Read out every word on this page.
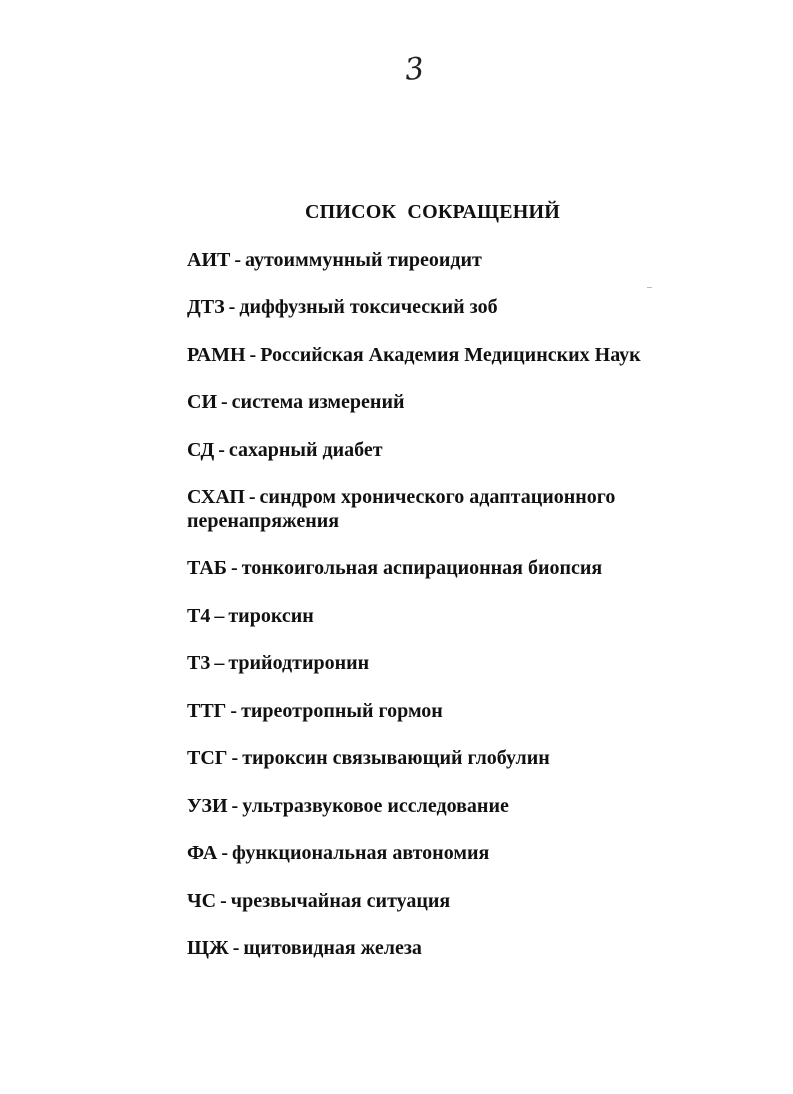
3
СПИСОК СОКРАЩЕНИЙ
АИТ - аутоиммунный тиреоидит
ДТЗ - диффузный токсический зоб
РАМН - Российская Академия Медицинских Наук
СИ - система измерений
СД - сахарный диабет
СХАП - синдром хронического адаптационного
перенапряжения
ТАБ - тонкоигольная аспирационная биопсия
Т4 – тироксин
Т3 – трийодтиронин
ТТГ - тиреотропный гормон
ТСГ - тироксин связывающий глобулин
УЗИ - ультразвуковое исследование
ФА - функциональная автономия
ЧС - чрезвычайная ситуация
ЩЖ - щитовидная железа
